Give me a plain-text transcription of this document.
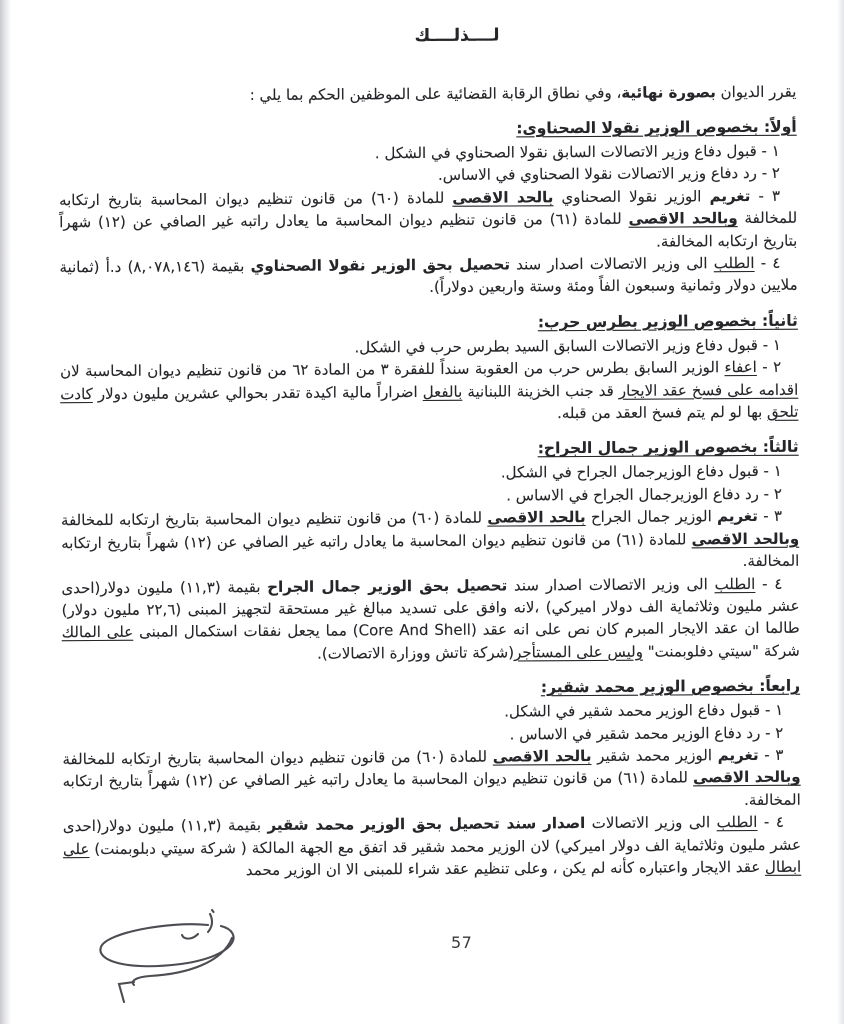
لــــذلــــك

يقرر الديوان بصورة نهائية، وفي نطاق الرقابة القضائية على الموظفين الحكم بما يلي :

أولاً: بخصوص الوزير نقولا الصحناوى:

١ - قبول دفاع وزير الاتصالات السابق نقولا الصحناوي في الشكل .

٢ - رد دفاع وزير الاتصالات نقولا الصحناوي في الاساس.

٣ - تغريم الوزير نقولا الصحناوي بالحد الاقصى للمادة (٦٠) من قانون تنظيم ديوان المحاسبة بتاريخ ارتكابه للمخالفة وبالحد الاقصى للمادة (٦١) من قانون تنظيم ديوان المحاسبة ما يعادل راتبه غير الصافي عن (١٢) شهراً بتاريخ ارتكابه المخالفة.

٤ - الطلب الى وزير الاتصالات اصدار سند تحصيل بحق الوزير نقولا الصحناوي بقيمة (٨,٠٧٨,١٤٦) د.أ (ثمانية ملايين دولار وثمانية وسبعون الفاً ومئة وستة واربعين دولاراً).

ثانياً: بخصوص الوزير بطرس حرب:

١ - قبول دفاع وزير الاتصالات السابق السيد بطرس حرب في الشكل.

٢ - اعفاء الوزير السابق بطرس حرب من العقوبة سنداً للفقرة ٣ من المادة ٦٢ من قانون تنظيم ديوان المحاسبة لان اقدامه على فسخ عقد الايجار قد جنب الخزينة اللبنانية بالفعل اضراراً مالية اكيدة تقدر بحوالي عشرين مليون دولار كادت تلحق بها لو لم يتم فسخ العقد من قبله.

ثالثاً: بخصوص الوزير جمال الجراح:

١ - قبول دفاع الوزيرجمال الجراح في الشكل.

٢ - رد دفاع الوزيرجمال الجراح في الاساس .

٣ - تغريم الوزير جمال الجراح بالحد الاقصى للمادة (٦٠) من قانون تنظيم ديوان المحاسبة بتاريخ ارتكابه للمخالفة وبالحد الاقصى للمادة (٦١) من قانون تنظيم ديوان المحاسبة ما يعادل راتبه غير الصافي عن (١٢) شهراً بتاريخ ارتكابه المخالفة.

٤ - الطلب الى وزير الاتصالات اصدار سند تحصيل بحق الوزير جمال الجراح بقيمة (١١,٣) مليون دولار(احدى عشر مليون وثلاثماية الف دولار اميركي) ،لانه وافق على تسديد مبالغ غير مستحقة لتجهيز المبنى (٢٢,٦ مليون دولار) طالما ان عقد الايجار المبرم كان نص على انه عقد (Core And Shell) مما يجعل نفقات استكمال المبنى على المالك شركة "سيتي دفلوبمنت" وليس على المستأجر(شركة تاتش ووزارة الاتصالات).

رابعاً: بخصوص الوزير محمد شقير:

١ - قبول دفاع الوزير محمد شقير في الشكل.

٢ - رد دفاع الوزير محمد شقير في الاساس .

٣ - تغريم الوزير محمد شقير بالحد الاقصى للمادة (٦٠) من قانون تنظيم ديوان المحاسبة بتاريخ ارتكابه للمخالفة وبالحد الاقصى للمادة (٦١) من قانون تنظيم ديوان المحاسبة ما يعادل راتبه غير الصافي عن (١٢) شهراً بتاريخ ارتكابه المخالفة.

٤ - الطلب الى وزير الاتصالات اصدار سند تحصيل بحق الوزير محمد شقير بقيمة (١١,٣) مليون دولار(احدى عشر مليون وثلاثماية الف دولار اميركي) لان الوزير محمد شقير قد اتفق مع الجهة المالكة ( شركة سيتي دبلوبمنت) على ابطال عقد الايجار واعتباره كأنه لم يكن ، وعلى تنظيم عقد شراء للمبنى الا ان الوزير محمد

57
